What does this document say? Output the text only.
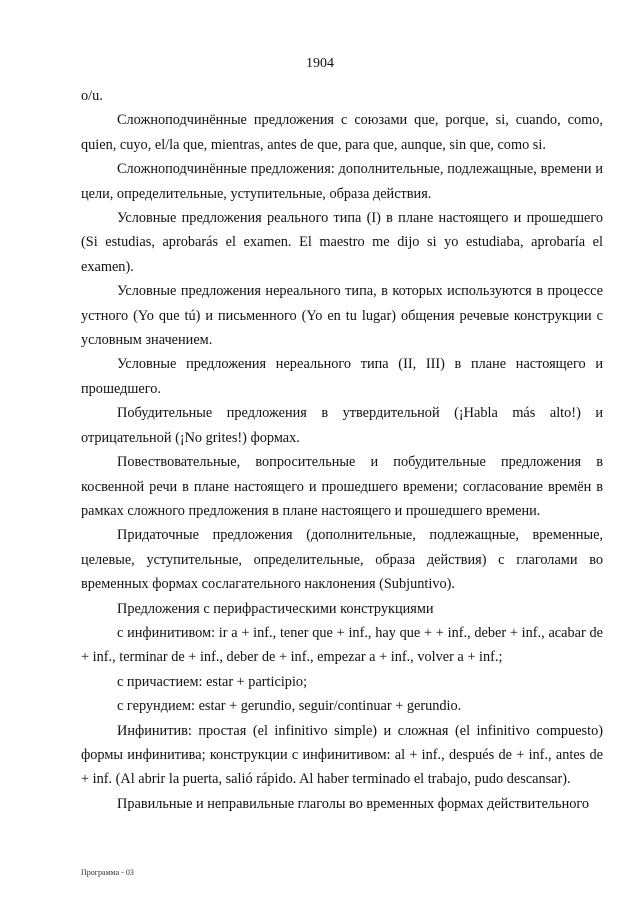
1904

o/u.

Сложноподчинённые предложения с союзами que, porque, si, cuando, como, quien, cuyo, el/la que, mientras, antes de que, para que, aunque, sin que, como si.

Сложноподчинённые предложения: дополнительные, подлежащные, времени и цели, определительные, уступительные, образа действия.

Условные предложения реального типа (I) в плане настоящего и прошедшего (Si estudias, aprobarás el examen. El maestro me dijo si yo estudiaba, aprobaría el examen).

Условные предложения нереального типа, в которых используются в процессе устного (Yo que tú) и письменного (Yo en tu lugar) общения речевые конструкции с условным значением.

Условные предложения нереального типа (II, III) в плане настоящего и прошедшего.

Побудительные предложения в утвердительной (¡Habla más alto!) и отрицательной (¡No grites!) формах.

Повествовательные, вопросительные и побудительные предложения в косвенной речи в плане настоящего и прошедшего времени; согласование времён в рамках сложного предложения в плане настоящего и прошедшего времени.

Придаточные предложения (дополнительные, подлежащные, временные, целевые, уступительные, определительные, образа действия) с глаголами во временных формах сослагательного наклонения (Subjuntivo).

Предложения с перифрастическими конструкциями

с инфинитивом: ir a + inf., tener que + inf., hay que + + inf., deber + inf., acabar de + inf., terminar de + inf., deber de + inf., empezar a + inf., volver a + inf.;

с причастием: estar + participio;

с герундием: estar + gerundio, seguir/continuar + gerundio.

Инфинитив: простая (el infinitivo simple) и сложная (el infinitivo compuesto) формы инфинитива; конструкции с инфинитивом: al + inf., después de + inf., antes de + inf. (Al abrir la puerta, salió rápido. Al haber terminado el trabajo, pudo descansar).

Правильные и неправильные глаголы во временных формах действительного

Программа - 03
